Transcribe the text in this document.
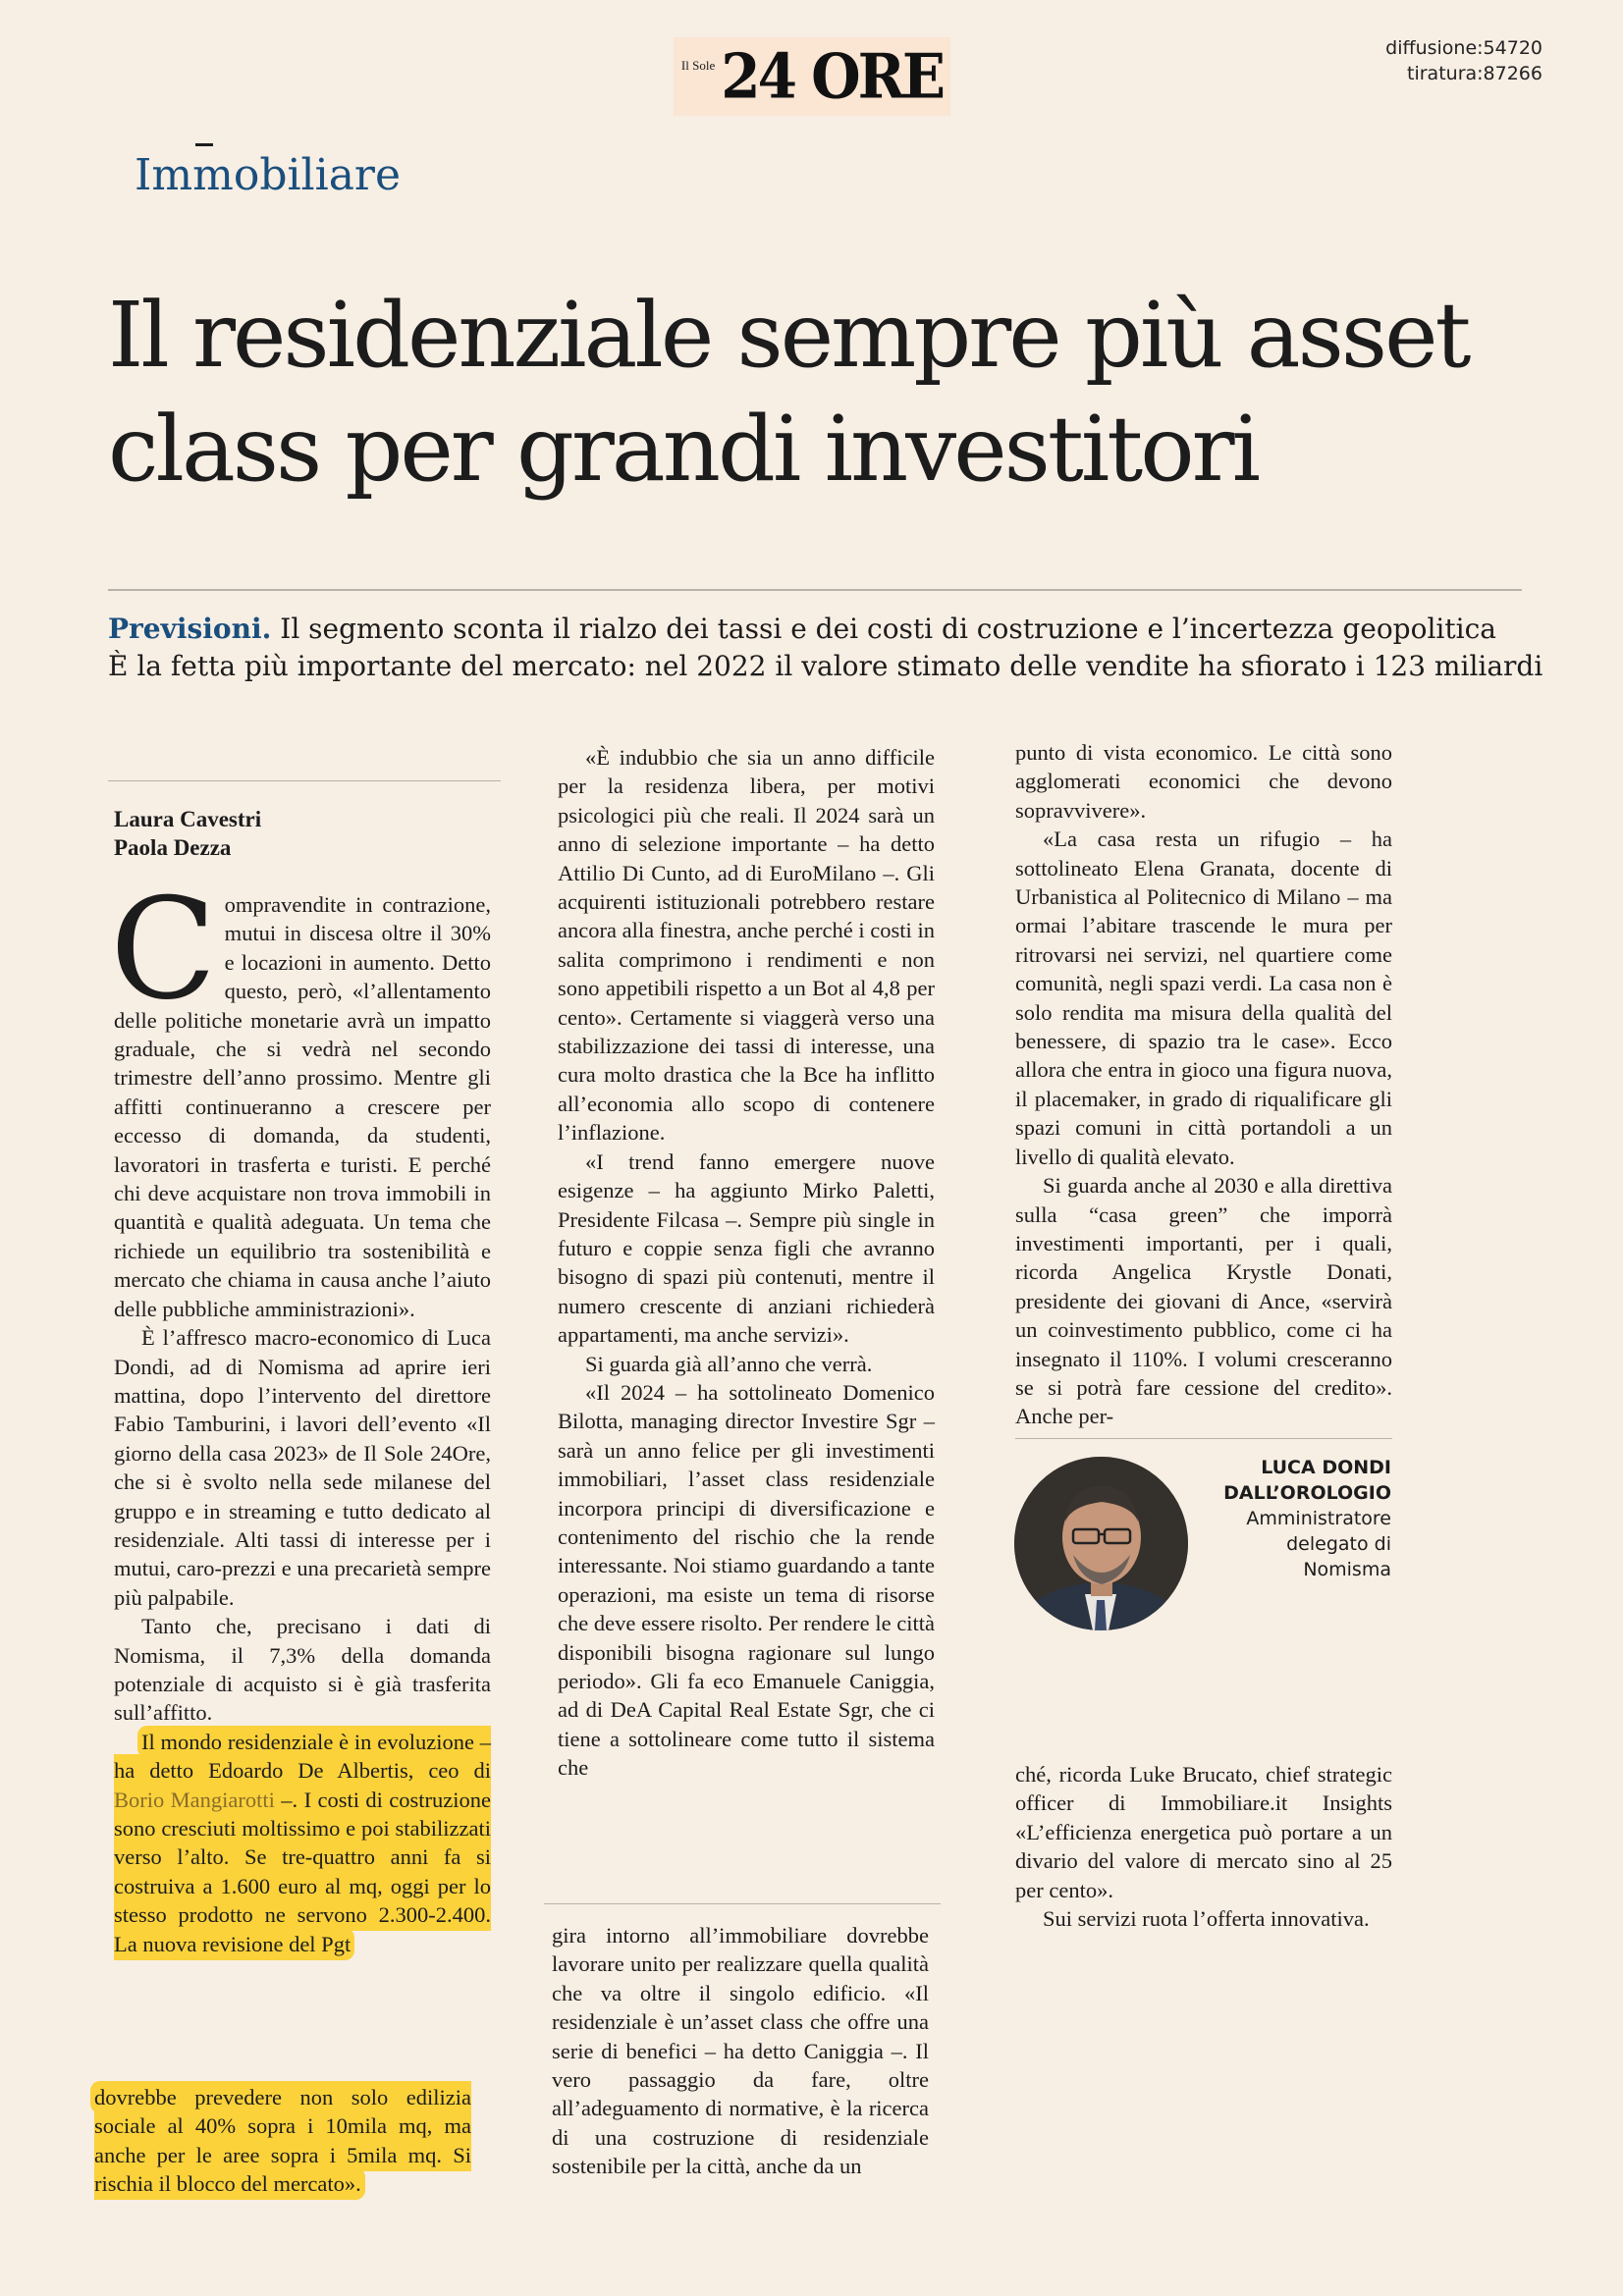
Il Sole 24 ORE	diffusione:54720
tiratura:87266
Immobiliare
Il residenziale sempre più asset
class per grandi investitori
Previsioni. Il segmento sconta il rialzo dei tassi e dei costi di costruzione e l’incertezza geopolitica
È la fetta più importante del mercato: nel 2022 il valore stimato delle vendite ha sfiorato i 123 miliardi
Laura Cavestri
Paola Dezza

Compravendite in contrazione, mutui in discesa oltre il 30% e locazioni in aumento. Detto questo, però, «l’allentamento delle politiche monetarie avrà un impatto graduale, che si vedrà nel secondo trimestre dell’anno prossimo. Mentre gli affitti continueranno a crescere per eccesso di domanda, da studenti, lavoratori in trasferta e turisti. E perché chi deve acquistare non trova immobili in quantità e qualità adeguata. Un tema che richiede un equilibrio tra sostenibilità e mercato che chiama in causa anche l’aiuto delle pubbliche amministrazioni».

È l’affresco macro-economico di Luca Dondi, ad di Nomisma ad aprire ieri mattina, dopo l’intervento del direttore Fabio Tamburini, i lavori dell’evento «Il giorno della casa 2023» de Il Sole 24Ore, che si è svolto nella sede milanese del gruppo e in streaming e tutto dedicato al residenziale. Alti tassi di interesse per i mutui, caro-prezzi e una precarietà sempre più palpabile.

Tanto che, precisano i dati di Nomisma, il 7,3% della domanda potenziale di acquisto si è già trasferita sull’affitto.

Il mondo residenziale è in evoluzione – ha detto Edoardo De Albertis, ceo di Borio Mangiarotti –. I costi di costruzione sono cresciuti moltissimo e poi stabilizzati verso l’alto. Se tre-quattro anni fa si costruiva a 1.600 euro al mq, oggi per lo stesso prodotto ne servono 2.300-2.400. La nuova revisione del Pgt

dovrebbe prevedere non solo edilizia sociale al 40% sopra i 10mila mq, ma anche per le aree sopra i 5mila mq. Si rischia il blocco del mercato».

«È indubbio che sia un anno difficile per la residenza libera, per motivi psicologici più che reali. Il 2024 sarà un anno di selezione importante – ha detto Attilio Di Cunto, ad di EuroMilano –. Gli acquirenti istituzionali potrebbero restare ancora alla finestra, anche perché i costi in salita comprimono i rendimenti e non sono appetibili rispetto a un Bot al 4,8 per cento». Certamente si viaggerà verso una stabilizzazione dei tassi di interesse, una cura molto drastica che la Bce ha inflitto all’economia allo scopo di contenere l’inflazione.

«I trend fanno emergere nuove esigenze – ha aggiunto Mirko Paletti, Presidente Filcasa –. Sempre più single in futuro e coppie senza figli che avranno bisogno di spazi più contenuti, mentre il numero crescente di anziani richiederà appartamenti, ma anche servizi».

Si guarda già all’anno che verrà.

«Il 2024 – ha sottolineato Domenico Bilotta, managing director Investire Sgr – sarà un anno felice per gli investimenti immobiliari, l’asset class residenziale incorpora principi di diversificazione e contenimento del rischio che la rende interessante. Noi stiamo guardando a tante operazioni, ma esiste un tema di risorse che deve essere risolto. Per rendere le città disponibili bisogna ragionare sul lungo periodo». Gli fa eco Emanuele Caniggia, ad di DeA Capital Real Estate Sgr, che ci tiene a sottolineare come tutto il sistema che

gira intorno all’immobiliare dovrebbe lavorare unito per realizzare quella qualità che va oltre il singolo edificio. «Il residenziale è un’asset class che offre una serie di benefici – ha detto Caniggia –. Il vero passaggio da fare, oltre all’adeguamento di normative, è la ricerca di una costruzione di residenziale sostenibile per la città, anche da un

punto di vista economico. Le città sono agglomerati economici che devono sopravvivere».

«La casa resta un rifugio – ha sottolineato Elena Granata, docente di Urbanistica al Politecnico di Milano – ma ormai l’abitare trascende le mura per ritrovarsi nei servizi, nel quartiere come comunità, negli spazi verdi. La casa non è solo rendita ma misura della qualità del benessere, di spazio tra le case». Ecco allora che entra in gioco una figura nuova, il placemaker, in grado di riqualificare gli spazi comuni in città portandoli a un livello di qualità elevato.

Si guarda anche al 2030 e alla direttiva sulla “casa green” che imporrà investimenti importanti, per i quali, ricorda Angelica Krystle Donati, presidente dei giovani di Ance, «servirà un coinvestimento pubblico, come ci ha insegnato il 110%. I volumi cresceranno se si potrà fare cessione del credito». Anche per-

LUCA DONDI
DALL’OROLOGIO
Amministratore
delegato di
Nomisma

ché, ricorda Luke Brucato, chief strategic officer di Immobiliare.it Insights «L’efficienza energetica può portare a un divario del valore di mercato sino al 25 per cento».

Sui servizi ruota l’offerta innovativa.
